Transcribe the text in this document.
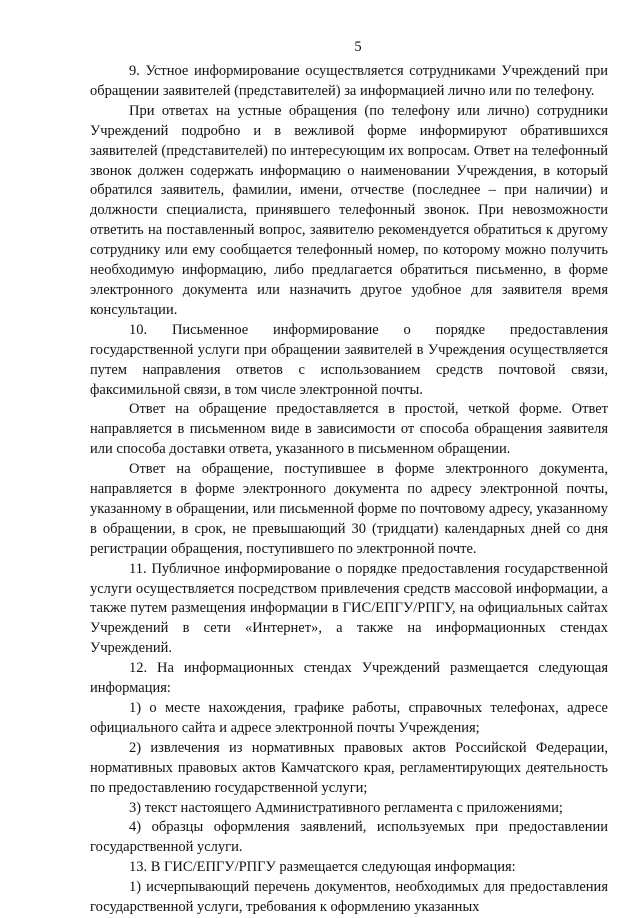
5

9. Устное информирование осуществляется сотрудниками Учреждений при обращении заявителей (представителей) за информацией лично или по телефону.

При ответах на устные обращения (по телефону или лично) сотрудники Учреждений подробно и в вежливой форме информируют обратившихся заявителей (представителей) по интересующим их вопросам. Ответ на телефонный звонок должен содержать информацию о наименовании Учреждения, в который обратился заявитель, фамилии, имени, отчестве (последнее – при наличии) и должности специалиста, принявшего телефонный звонок. При невозможности ответить на поставленный вопрос, заявителю рекомендуется обратиться к другому сотруднику или ему сообщается телефонный номер, по которому можно получить необходимую информацию, либо предлагается обратиться письменно, в форме электронного документа или назначить другое удобное для заявителя время консультации.

10. Письменное информирование о порядке предоставления государственной услуги при обращении заявителей в Учреждения осуществляется путем направления ответов с использованием средств почтовой связи, факсимильной связи, в том числе электронной почты.

Ответ на обращение предоставляется в простой, четкой форме. Ответ направляется в письменном виде в зависимости от способа обращения заявителя или способа доставки ответа, указанного в письменном обращении.

Ответ на обращение, поступившее в форме электронного документа, направляется в форме электронного документа по адресу электронной почты, указанному в обращении, или письменной форме по почтовому адресу, указанному в обращении, в срок, не превышающий 30 (тридцати) календарных дней со дня регистрации обращения, поступившего по электронной почте.

11. Публичное информирование о порядке предоставления государственной услуги осуществляется посредством привлечения средств массовой информации, а также путем размещения информации в ГИС/ЕПГУ/РПГУ, на официальных сайтах Учреждений в сети «Интернет», а также на информационных стендах Учреждений.

12. На информационных стендах Учреждений размещается следующая информация:

1) о месте нахождения, графике работы, справочных телефонах, адресе официального сайта и адресе электронной почты Учреждения;

2) извлечения из нормативных правовых актов Российской Федерации, нормативных правовых актов Камчатского края, регламентирующих деятельность по предоставлению государственной услуги;

3) текст настоящего Административного регламента с приложениями;

4) образцы оформления заявлений, используемых при предоставлении государственной услуги.

13. В ГИС/ЕПГУ/РПГУ размещается следующая информация:

1) исчерпывающий перечень документов, необходимых для предоставления государственной услуги, требования к оформлению указанных
